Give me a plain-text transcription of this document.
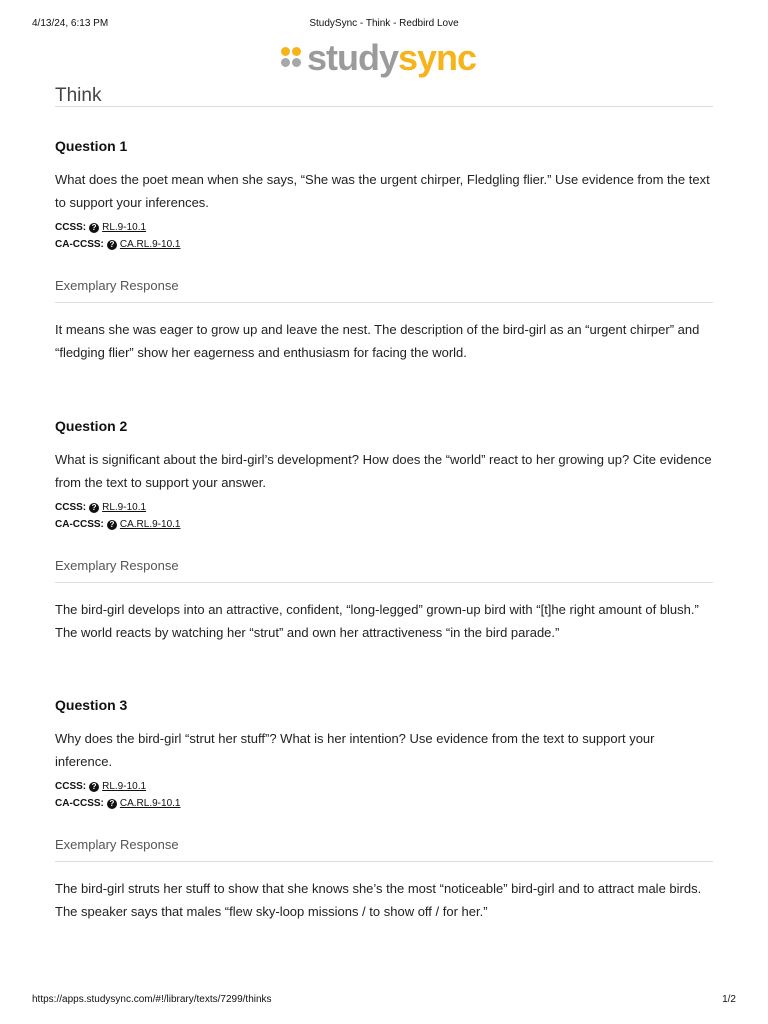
4/13/24, 6:13 PM	StudySync - Think - Redbird Love
studysync
Think
Question 1

What does the poet mean when she says, “She was the urgent chirper, Fledgling flier.” Use evidence from the text to support your inferences.

CCSS: ? RL.9-10.1
CA-CCSS: ? CA.RL.9-10.1

Exemplary Response

It means she was eager to grow up and leave the nest. The description of the bird-girl as an “urgent chirper” and “fledging flier” show her eagerness and enthusiasm for facing the world.

Question 2

What is significant about the bird-girl’s development? How does the “world” react to her growing up? Cite evidence from the text to support your answer.

CCSS: ? RL.9-10.1
CA-CCSS: ? CA.RL.9-10.1

Exemplary Response

The bird-girl develops into an attractive, confident, “long-legged” grown-up bird with “[t]he right amount of blush.” The world reacts by watching her “strut” and own her attractiveness “in the bird parade.”

Question 3

Why does the bird-girl “strut her stuff”? What is her intention? Use evidence from the text to support your inference.

CCSS: ? RL.9-10.1
CA-CCSS: ? CA.RL.9-10.1

Exemplary Response

The bird-girl struts her stuff to show that she knows she’s the most “noticeable” bird-girl and to attract male birds. The speaker says that males “flew sky-loop missions / to show off / for her.”

https://apps.studysync.com/#!/library/texts/7299/thinks	1/2
